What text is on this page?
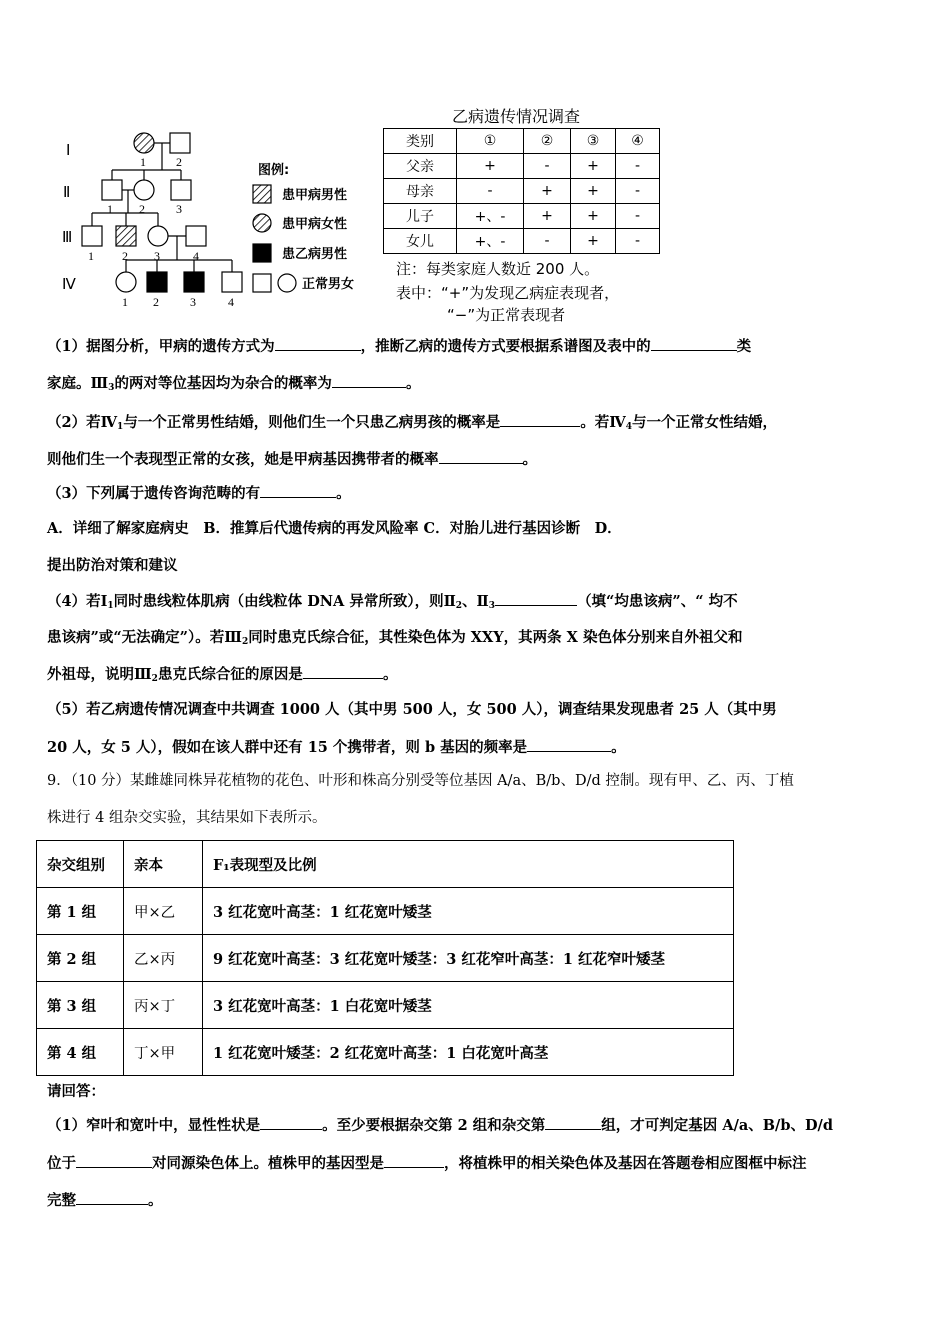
Ⅰ
Ⅱ
Ⅲ
Ⅳ
1	2
1 2	3
1 2 3	4
1 2	3	4
图例:
患甲病男性
患甲病女性
患乙病男性
正常男女
乙病遗传情况调查
类别	①	②	③	④
父亲	+	-	+	-
母亲	-	+	+	-
儿子	+、-	+	+	-
女儿	+、-	-	+	-
注：每类家庭人数近 200 人。
表中：“+”为发现乙病症表现者，
“−”为正常表现者
（1）据图分析，甲病的遗传方式为	，推断乙病的遗传方式要根据系谱图及表中的	类
家庭。$Ⅲ_3$的两对等位基因均为杂合的概率为	。
（2）若$Ⅳ_1$与一个正常男性结婚，则他们生一个只患乙病男孩的概率是	。若$Ⅳ_4$与一个正常女性结婚，
则他们生一个表现型正常的女孩，她是甲病基因携带者的概率	。
（3）下列属于遗传咨询范畴的有	。
A．详细了解家庭病史　B．推算后代遗传病的再发风险率 C．对胎儿进行基因诊断　D．
提出防治对策和建议
（4）若$Ⅰ_1$同时患线粒体肌病（由线粒体 DNA 异常所致），则$Ⅱ_2$、$Ⅱ_3$	（填“均患该病”、“ 均不
患该病”或“无法确定”）。若$Ⅲ_2$同时患克氏综合征，其性染色体为 XXY，其两条 X 染色体分别来自外祖父和
外祖母，说明$Ⅲ_2$患克氏综合征的原因是	。
（5）若乙病遗传情况调查中共调查 1000 人（其中男 500 人，女 500 人），调查结果发现患者 25 人（其中男
20 人，女 5 人），假如在该人群中还有 15 个携带者，则 b 基因的频率是	。
9．（10 分）某雌雄同株异花植物的花色、叶形和株高分别受等位基因 A/a、B/b、D/d 控制。现有甲、乙、丙、丁植
株进行 4 组杂交实验，其结果如下表所示。
杂交组别	亲本	F₁表现型及比例
第 1 组	甲×乙	3 红花宽叶高茎：1 红花宽叶矮茎
第 2 组	乙×丙	9 红花宽叶高茎：3 红花宽叶矮茎：3 红花窄叶高茎：1 红花窄叶矮茎
第 3 组	丙×丁	3 红花宽叶高茎：1 白花宽叶矮茎
第 4 组	丁×甲	1 红花宽叶矮茎：2 红花宽叶高茎：1 白花宽叶高茎
请回答：
（1）窄叶和宽叶中，显性性状是	。至少要根据杂交第 2 组和杂交第	组，才可判定基因 A/a、B/b、D/d
位于	对同源染色体上。植株甲的基因型是	，将植株甲的相关染色体及基因在答题卷相应图框中标注
完整	。
